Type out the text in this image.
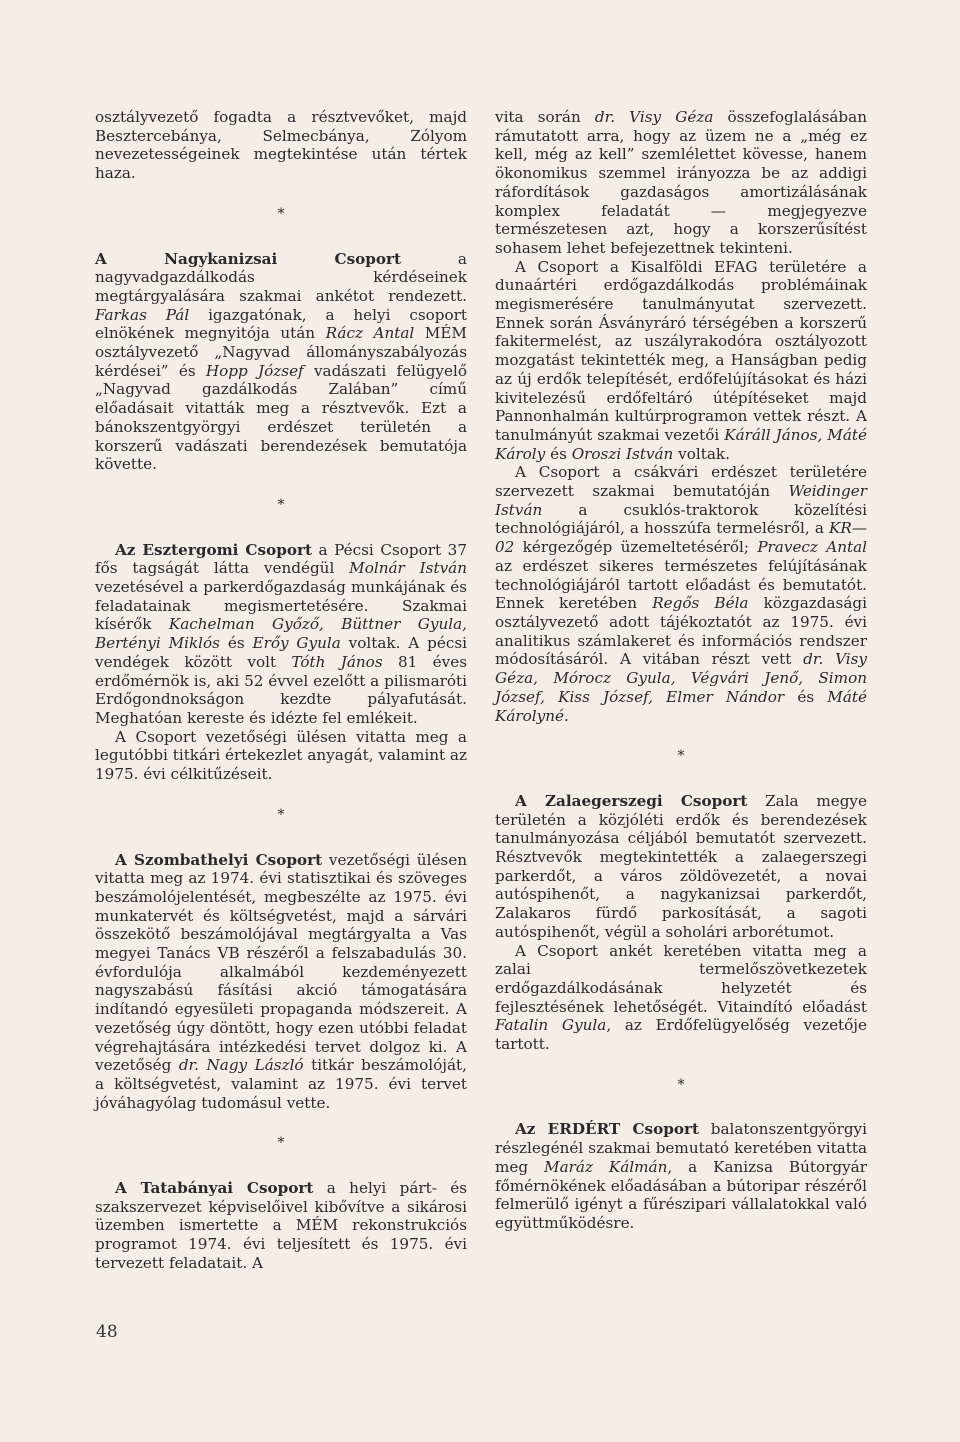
osztályvezető fogadta a résztvevőket, majd Besztercebánya, Selmecbánya, Zólyom nevezetességeinek megtekintése után tértek haza.

*

A Nagykanizsai Csoport a nagyvadgazdálkodás kérdéseinek megtárgyalására szakmai ankétot rendezett. Farkas Pál igazgatónak, a helyi csoport elnökének megnyitója után Rácz Antal MÉM osztályvezető „Nagyvad állományszabályozás kérdései” és Hopp József vadászati felügyelő „Nagyvad gazdálkodás Zalában” című előadásait vitatták meg a résztvevők. Ezt a bánokszentgyörgyi erdészet területén a korszerű vadászati berendezések bemutatója követte.

*

Az Esztergomi Csoport a Pécsi Csoport 37 fős tagságát látta vendégül Molnár István vezetésével a parkerdőgazdaság munkájának és feladatainak megismertetésére. Szakmai kísérők Kachelman Győző, Büttner Gyula, Bertényi Miklós és Erőy Gyula voltak. A pécsi vendégek között volt Tóth János 81 éves erdőmérnök is, aki 52 évvel ezelőtt a pilismaróti Erdőgondnokságon kezdte pályafutását. Meghatóan kereste és idézte fel emlékeit.

A Csoport vezetőségi ülésen vitatta meg a legutóbbi titkári értekezlet anyagát, valamint az 1975. évi célkitűzéseit.

*

A Szombathelyi Csoport vezetőségi ülésen vitatta meg az 1974. évi statisztikai és szöveges beszámolójelentését, megbeszélte az 1975. évi munkatervét és költségvetést, majd a sárvári összekötő beszámolójával megtárgyalta a Vas megyei Tanács VB részéről a felszabadulás 30. évfordulója alkalmából kezdeményezett nagyszabású fásítási akció támogatására indítandó egyesületi propaganda módszereit. A vezetőség úgy döntött, hogy ezen utóbbi feladat végrehajtására intézkedési tervet dolgoz ki. A vezetőség dr. Nagy László titkár beszámolóját, a költségvetést, valamint az 1975. évi tervet jóváhagyólag tudomásul vette.

*

A Tatabányai Csoport a helyi párt- és szakszervezet képviselőivel kibővítve a sikárosi üzemben ismertette a MÉM rekonstrukciós programot 1974. évi teljesített és 1975. évi tervezett feladatait. A

vita során dr. Visy Géza összefoglalásában rámutatott arra, hogy az üzem ne a „még ez kell, még az kell” szemlélettet kövesse, hanem ökonomikus szemmel irányozza be az addigi ráfordítások gazdaságos amortizálásának komplex feladatát — megjegyezve természetesen azt, hogy a korszerűsítést sohasem lehet befejezettnek tekinteni.

A Csoport a Kisalföldi EFAG területére a dunaártéri erdőgazdálkodás problémáinak megismerésére tanulmányutat szervezett. Ennek során Ásványráró térségében a korszerű fakitermelést, az uszályrakodóra osztályozott mozgatást tekintették meg, a Hanságban pedig az új erdők telepítését, erdőfelújításokat és házi kivitelezésű erdőfeltáró útépítéseket majd Pannonhalmán kultúrprogramon vettek részt. A tanulmányút szakmai vezetői Káráll János, Máté Károly és Oroszi István voltak.

A Csoport a csákvári erdészet területére szervezett szakmai bemutatóján Weidinger István a csuklós-traktorok közelítési technológiájáról, a hosszúfa termelésről, a KR—02 kérgezőgép üzemeltetéséről; Pravecz Antal az erdészet sikeres természetes felújításának technológiájáról tartott előadást és bemutatót. Ennek keretében Regős Béla közgazdasági osztályvezető adott tájékoztatót az 1975. évi analitikus számlakeret és információs rendszer módosításáról. A vitában részt vett dr. Visy Géza, Mórocz Gyula, Végvári Jenő, Simon József, Kiss József, Elmer Nándor és Máté Károlyné.

*

A Zalaegerszegi Csoport Zala megye területén a közjóléti erdők és berendezések tanulmányozása céljából bemutatót szervezett. Résztvevők megtekintették a zalaegerszegi parkerdőt, a város zöldövezetét, a novai autóspihenőt, a nagykanizsai parkerdőt, Zalakaros fürdő parkosítását, a sagoti autóspihenőt, végül a soholári arborétumot.

A Csoport ankét keretében vitatta meg a zalai termelőszövetkezetek erdőgazdálkodásának helyzetét és fejlesztésének lehetőségét. Vitaindító előadást Fatalin Gyula, az Erdőfelügyelőség vezetője tartott.

*

Az ERDÉRT Csoport balatonszentgyörgyi részlegénél szakmai bemutató keretében vitatta meg Maráz Kálmán, a Kanizsa Bútorgyár főmérnökének előadásában a bútoripar részéről felmerülő igényt a fűrészipari vállalatokkal való együttműködésre.

48
